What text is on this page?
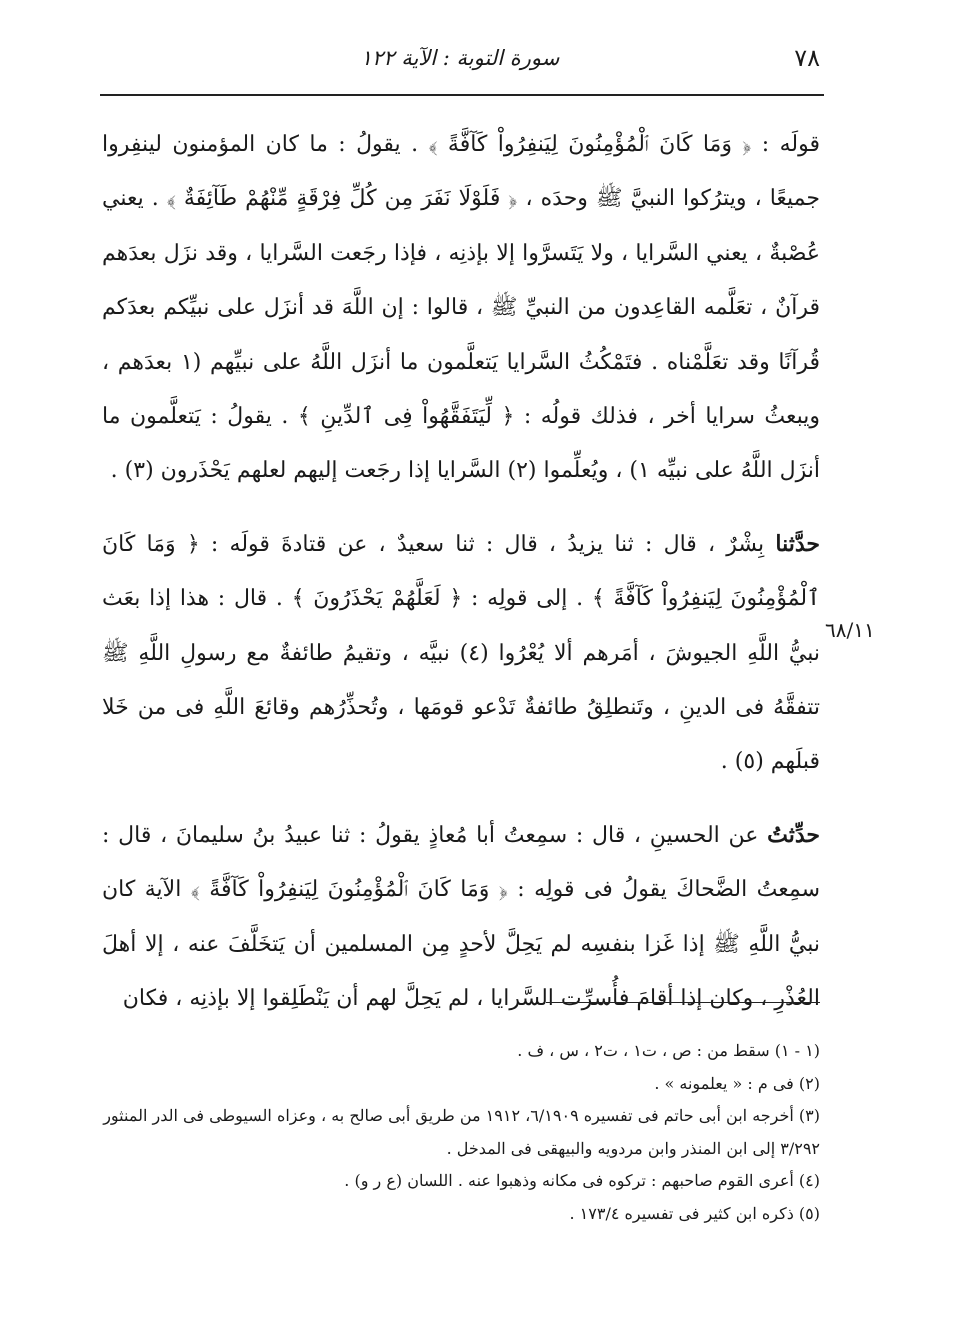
٧٨
سورة التوبة : الآية ١٢٢

قولَه : ﴿ وَمَا كَانَ ٱلْمُؤْمِنُونَ لِيَنفِرُواْ كَآفَّةً ﴾ . يقولُ : ما كان المؤمنون لينفِروا جميعًا ، ويترُكوا النبيَّ ﷺ وحدَه ، ﴿ فَلَوْلَا نَفَرَ مِن كُلِّ فِرْقَةٍ مِّنْهُمْ طَآئِفَةٌ ﴾ . يعني عُصْبةٌ ، يعني السَّرايا ، ولا يَتَسرَّوا إلا بإذنِه ، فإذا رجَعت السَّرايا ، وقد نزَل بعدَهم قرآنٌ ، تعَلَّمه القاعِدون من النبيِّ ﷺ ، قالوا : إن اللَّهَ قد أنزَل على نبيِّكم بعدَكم قُرآنًا وقد تعَلَّمْناه . فتَمْكُثُ السَّرايا يَتعلَّمون ما أنزَل اللَّهُ على نبيِّهم (١ بعدَهم ، ويبعثُ سرايا أخر ، فذلك قولُه : ﴿ لِّيَتَفَقَّهُواْ فِى ٱلدِّينِ ﴾ . يقولُ : يَتعلَّمون ما أنزَل اللَّهُ على نبيِّه ١) ، ويُعلِّموا (٢) السَّرايا إذا رجَعت إليهم لعلهم يَحْذَرون (٣) .

حدَّثنا بِشْرٌ ، قال : ثنا يزيدُ ، قال : ثنا سعيدٌ ، عن قتادةَ قولَه : ﴿ وَمَا كَانَ ٱلْمُؤْمِنُونَ لِيَنفِرُواْ كَآفَّةً ﴾ . إلى قولِه : ﴿ لَعَلَّهُمْ يَحْذَرُونَ ﴾ . قال : هذا إذا بعَث نبيُّ اللَّهِ الجيوشَ ، أمَرهم ألا يُعْرُوا (٤) نبيَّه ، وتقيمُ طائفةٌ مع رسولِ اللَّهِ ﷺ تتفقَّهُ فى الدينِ ، وتَنطلِقُ طائفةٌ تَدْعو قومَها ، وتُحذِّرُهم وقائعَ اللَّهِ فى من خَلا قبلَهم (٥) .

حدِّثتُ عن الحسينِ ، قال : سمِعتُ أبا مُعاذٍ يقولُ : ثنا عبيدُ بنُ سليمانَ ، قال : سمِعتُ الضَّحاكَ يقولُ فى قولِه : ﴿ وَمَا كَانَ ٱلْمُؤْمِنُونَ لِيَنفِرُواْ كَآفَّةً ﴾ الآية كان نبيُّ اللَّهِ ﷺ إذا غَزا بنفسِه لم يَحِلَّ لأحدٍ مِن المسلمين أن يَتخَلَّفَ عنه ، إلا أهلَ العُذْرِ ، وكان إذا أقامَ فأُسرِّت السَّرايا ، لم يَحِلَّ لهم أن يَنْطَلِقوا إلا بإذنِه ، فكان

٦٨/١١

(١ - ١) سقط من : ص ، ت١ ، ت٢ ، س ، ف .

(٢) فى م : « يعلمونه » .

(٣) أخرجه ابن أبى حاتم فى تفسيره ٦/١٩٠٩، ١٩١٢ من طريق أبى صالح به ، وعزاه السيوطى فى الدر المنثور ٣/٢٩٢ إلى ابن المنذر وابن مردويه والبيهقى فى المدخل .

(٤) أعرى القوم صاحبهم : تركوه فى مكانه وذهبوا عنه . اللسان (ع ر و) .

(٥) ذكره ابن كثير فى تفسيره ١٧٣/٤ .
